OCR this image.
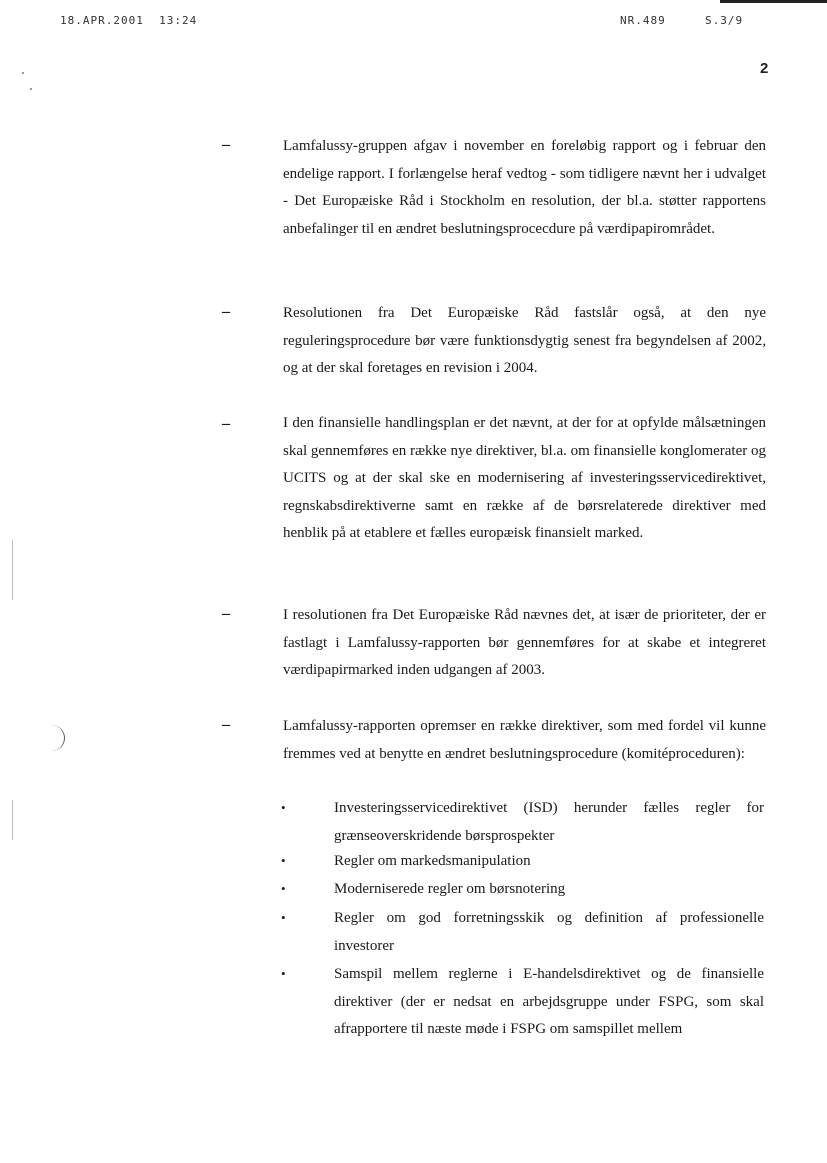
18.APR.2001  13:24	NR.489	S.3/9
2
–	Lamfalussy-gruppen afgav i november en foreløbig rapport og i februar den endelige rapport. I forlængelse heraf vedtog - som tidligere nævnt her i udvalget - Det Europæiske Råd i Stockholm en resolution, der bl.a. støtter rapportens anbefalinger til en ændret beslutningsprocecdure på værdipapirområdet.

–	Resolutionen fra Det Europæiske Råd fastslår også, at den nye reguleringsprocedure bør være funktionsdygtig senest fra begyndelsen af 2002, og at der skal foretages en revision i 2004.

–	I den finansielle handlingsplan er det nævnt, at der for at opfylde målsætningen skal gennemføres en række nye direktiver, bl.a. om finansielle konglomerater og UCITS og at der skal ske en modernisering af investeringsservicedirektivet, regnskabsdirektiverne samt en række af de børsrelaterede direktiver med henblik på at etablere et fælles europæisk finansielt marked.

–	I resolutionen fra Det Europæiske Råd nævnes det, at især de prioriteter, der er fastlagt i Lamfalussy-rapporten bør gennemføres for at skabe et integreret værdipapirmarked inden udgangen af 2003.

–	Lamfalussy-rapporten opremser en række direktiver, som med fordel vil kunne fremmes ved at benytte en ændret beslutningsprocedure (komitéproceduren):

•	Investeringsservicedirektivet (ISD) herunder fælles regler for grænseoverskridende børsprospekter

•	Regler om markedsmanipulation

•	Moderniserede regler om børsnotering

•	Regler om god forretningsskik og definition af professionelle investorer

•	Samspil mellem reglerne i E-handelsdirektivet og de finansielle direktiver (der er nedsat en arbejdsgruppe under FSPG, som skal afrapportere til næste møde i FSPG om samspillet mellem
